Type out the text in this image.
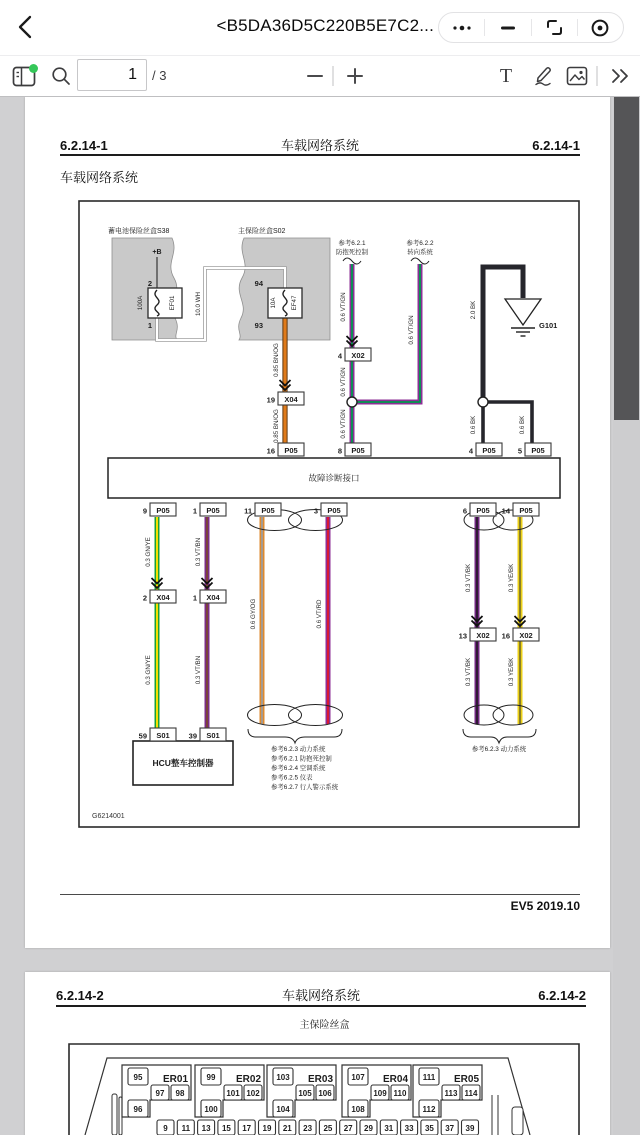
<B5DA36D5C220B5E7C2...
1
/ 3	T
6.2.14-1	车载网络系统	6.2.14-1
车载网络系统
蓄电池保险丝盒S38	主保险丝盒S02
+B
2
100A	EF01
1
94
10A EF47
93
参考6.2.1
防抱死控制
参考6.2.2
转向系统
G101
10.0 WH
0.85 BN/OG
0.85 BN/OG
0.6 VT/GN
0.6 VT/GN
0.6 VT/GN
0.6 VT/GN
2.0 BK
0.6 BK	0.6 BK
0.3 GN/YE
0.3 GN/YE
0.3 VT/BN
0.3 VT/BN
0.6 GY/OG	0.6 VT/RD
0.3 VT/BK
0.3 VT/BK
0.3 YE/BK
0.3 YE/BK
故障诊断接口
HCU整车控制器
19 X04
16 P05
4 X02
8 P05	4 P05	5 P05
9 P05	1 P05	11 P05	3 P05	6 P05 14 P05
2 X04	1 X04
13 X02 16 X02
59 S01	39 S01
参考6.2.3 动力系统
参考6.2.1 防抱死控制
参考6.2.4 空调系统
参考6.2.5 仪表
参考6.2.7 行人警示系统
参考6.2.3 动力系统
G6214001
EV5 2019.10
6.2.14-2	车载网络系统	6.2.14-2
主保险丝盒
95 ER01
97 98
96
99 ER02
101 102
100
103 ER03
105 106
104
107 ER04
109 110
108
111 ER05
113 114
112
9 11 13 15 17 19 21 23 25 27 29 31 33 35 37 39
